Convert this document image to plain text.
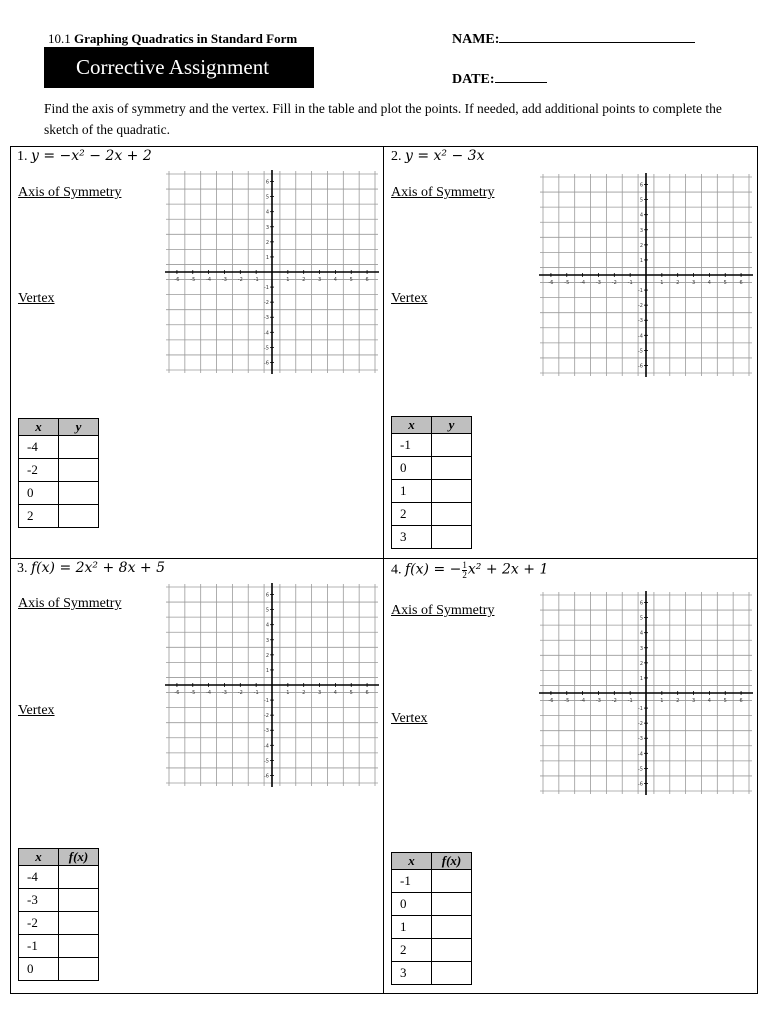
10.1 Graphing Quadratics in Standard Form	NAME:
Corrective Assignment
DATE:
Find the axis of symmetry and the vertex. Fill in the table and plot the points. If needed, add additional points to complete the sketch of the quadratic.
1. y = −x² − 2x + 2
Axis of Symmetry
Vertex
-6 -5 -4 -3 -2 -1	1	2	3	4	5	6
6
5
4
3
2
1
-1
-2
-3
-4
-5
-6
x	y
-4	
-2	
0	
2	
2. y = x² − 3x
Axis of Symmetry
Vertex
-6 -5 -4 -3 -2 -1	1	2	3	4	5	6
6
5
4
3
2
1
-1
-2
-3
-4
-5
-6
x	y
-1	
0	
1	
2	
3	
3. f(x) = 2x² + 8x + 5
Axis of Symmetry
Vertex
-6 -5 -4 -3 -2 -1	1	2	3	4	5	6
6
5
4
3
2
1
-1
-2
-3
-4
-5
-6
x	f(x)
-4	
-3	
-2	
-1	
0	
4. f(x) = − $\frac{1}{2} x^2 + 2x + 1$
Axis of Symmetry
Vertex
-6 -5 -4 -3 -2 -1	1	2	3	4	5	6
6
5
4
3
2
1
-1
-2
-3
-4
-5
-6
x	f(x)
-1	
0	
1	
2	
3	
